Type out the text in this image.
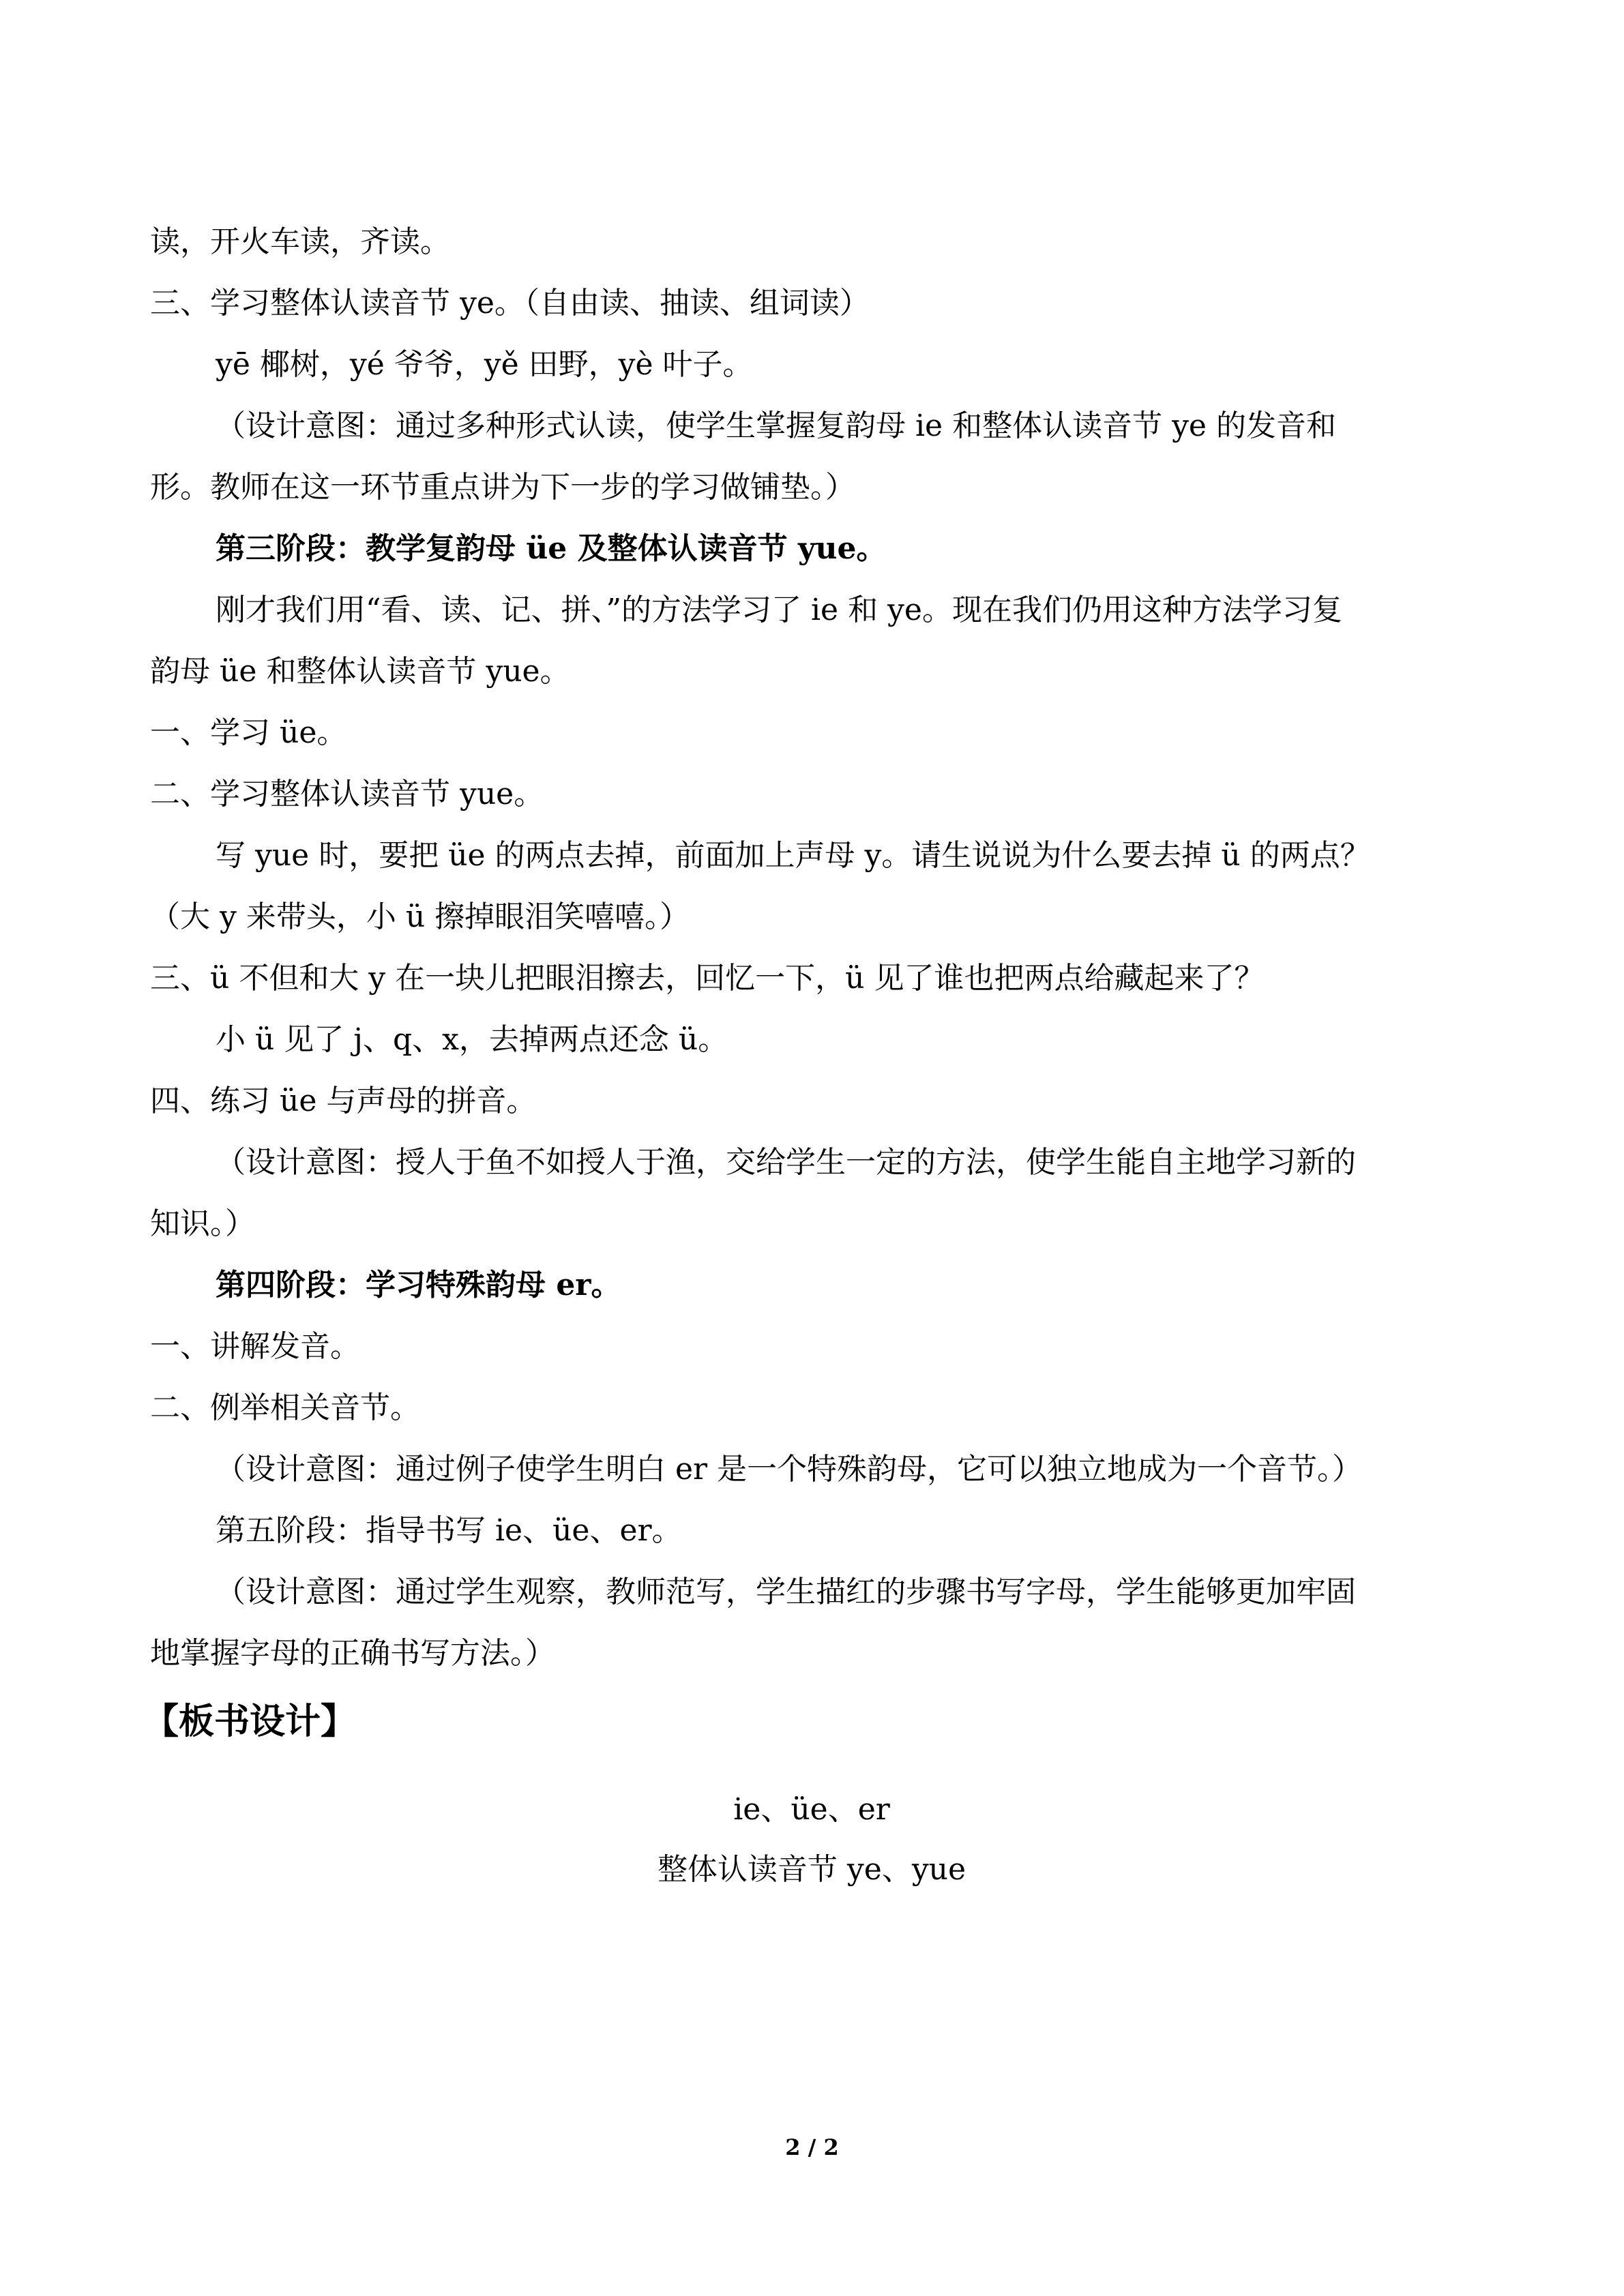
读，开火车读，齐读。
三、学习整体认读音节 ye。（自由读、抽读、组词读）
yē 椰树，yé 爷爷，yě 田野，yè 叶子。
（设计意图：通过多种形式认读，使学生掌握复韵母 ie 和整体认读音节 ye 的发音和
形。教师在这一环节重点讲为下一步的学习做铺垫。）
第三阶段：教学复韵母 üe 及整体认读音节 yue。
刚才我们用“看、读、记、拼、”的方法学习了 ie 和 ye。现在我们仍用这种方法学习复
韵母 üe 和整体认读音节 yue。
一、学习 üe。
二、学习整体认读音节 yue。
写 yue 时，要把 üe 的两点去掉，前面加上声母 y。请生说说为什么要去掉 ü 的两点？
（大 y 来带头，小 ü 擦掉眼泪笑嘻嘻。）
三、ü 不但和大 y 在一块儿把眼泪擦去，回忆一下，ü 见了谁也把两点给藏起来了？
小 ü 见了 j、q、x，去掉两点还念 ü。
四、练习 üe 与声母的拼音。
（设计意图：授人于鱼不如授人于渔，交给学生一定的方法，使学生能自主地学习新的
知识。）
第四阶段：学习特殊韵母 er。
一、讲解发音。
二、例举相关音节。
（设计意图：通过例子使学生明白 er 是一个特殊韵母，它可以独立地成为一个音节。）
第五阶段：指导书写 ie、üe、er。
（设计意图：通过学生观察，教师范写，学生描红的步骤书写字母，学生能够更加牢固
地掌握字母的正确书写方法。）
【板书设计】
ie、üe、er
整体认读音节 ye、yue
2 / 2
